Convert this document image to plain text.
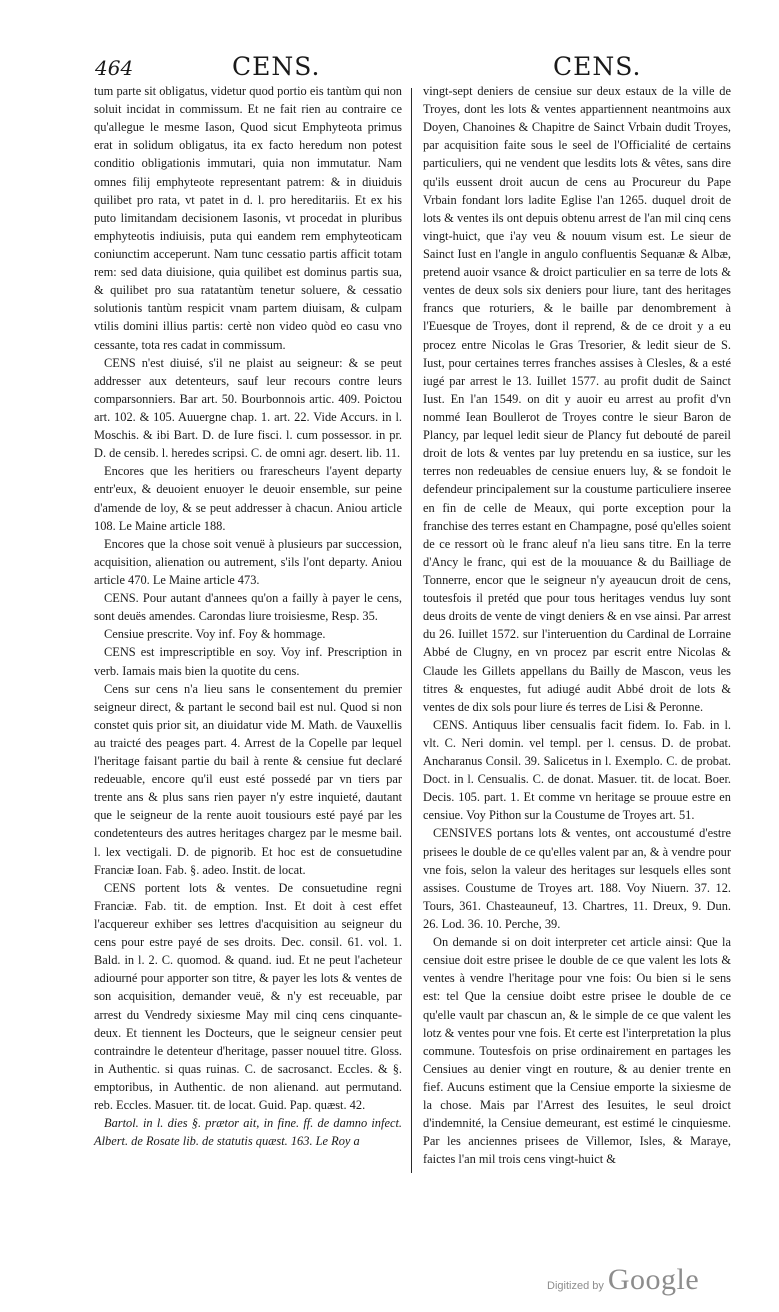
464	CENS.	CENS.

tum parte sit obligatus, videtur quod portio eis tantùm qui non soluit incidat in commissum. Et ne fait rien au contraire ce qu'allegue le mesme Iason, Quod sicut Emphyteota primus erat in solidum obligatus, ita ex facto heredum non potest conditio obligationis immutari, quia non immutatur. Nam omnes filij emphyteote representant patrem: & in diuiduis quilibet pro rata, vt patet in d. l. pro hereditariis. Et ex his puto limitandam decisionem Iasonis, vt procedat in pluribus emphyteotis indiuisis, puta qui eandem rem emphyteoticam coniunctim acceperunt. Nam tunc cessatio partis afficit totam rem: sed data diuisione, quia quilibet est dominus partis sua, & quilibet pro sua ratatantùm tenetur soluere, & cessatio solutionis tantùm respicit vnam partem diuisam, & culpam vtilis domini illius partis: certè non video quòd eo casu vno cessante, tota res cadat in commissum.

CENS n'est diuisé, s'il ne plaist au seigneur: & se peut addresser aux detenteurs, sauf leur recours contre leurs comparsonniers. Bar art. 50. Bourbonnois artic. 409. Poictou art. 102. & 105. Auuergne chap. 1. art. 22. Vide Accurs. in l. Moschis. & ibi Bart. D. de Iure fisci. l. cum possessor. in pr. D. de censib. l. heredes scripsi. C. de omni agr. desert. lib. 11.

Encores que les heritiers ou frarescheurs l'ayent departy entr'eux, & deuoient enuoyer le deuoir ensemble, sur peine d'amende de loy, & se peut addresser à chacun. Aniou article 108. Le Maine article 188.

Encores que la chose soit venuë à plusieurs par succession, acquisition, alienation ou autrement, s'ils l'ont departy. Aniou article 470. Le Maine article 473.

CENS. Pour autant d'annees qu'on a failly à payer le cens, sont deuës amendes. Carondas liure troisiesme, Resp. 35.

Censiue prescrite. Voy inf. Foy & hommage.

CENS est imprescriptible en soy. Voy inf. Prescription in verb. Iamais mais bien la quotite du cens.

Cens sur cens n'a lieu sans le consentement du premier seigneur direct, & partant le second bail est nul. Quod si non constet quis prior sit, an diuidatur vide M. Math. de Vauxellis au traicté des peages part. 4. Arrest de la Copelle par lequel l'heritage faisant partie du bail à rente & censiue fut declaré redeuable, encore qu'il eust esté possedé par vn tiers par trente ans & plus sans rien payer n'y estre inquieté, dautant que le seigneur de la rente auoit tousiours esté payé par les condetenteurs des autres heritages chargez par le mesme bail. l. lex vectigali. D. de pignorib. Et hoc est de consuetudine Franciæ Ioan. Fab. §. adeo. Instit. de locat.

CENS portent lots & ventes. De consuetudine regni Franciæ. Fab. tit. de emption. Inst. Et doit à cest effet l'acquereur exhiber ses lettres d'acquisition au seigneur du cens pour estre payé de ses droits. Dec. consil. 61. vol. 1. Bald. in l. 2. C. quomod. & quand. iud. Et ne peut l'acheteur adiourné pour apporter son titre, & payer les lots & ventes de son acquisition, demander veuë, & n'y est receuable, par arrest du Vendredy sixiesme May mil cinq cens cinquante-deux. Et tiennent les Docteurs, que le seigneur censier peut contraindre le detenteur d'heritage, passer nouuel titre. Gloss. in Authentic. si quas ruinas. C. de sacrosanct. Eccles. & §. emptoribus, in Authentic. de non alienand. aut permutand. reb. Eccles. Masuer. tit. de locat. Guid. Pap. quæst. 42.

Bartol. in l. dies §. prætor ait, in fine. ff. de damno infect. Albert. de Rosate lib. de statutis quæst. 163. Le Roy a

vingt-sept deniers de censiue sur deux estaux de la ville de Troyes, dont les lots & ventes appartiennent neantmoins aux Doyen, Chanoines & Chapitre de Sainct Vrbain dudit Troyes, par acquisition faite sous le seel de l'Officialité de certains particuliers, qui ne vendent que lesdits lots & vêtes, sans dire qu'ils eussent droit aucun de cens au Procureur du Pape Vrbain fondant lors ladite Eglise l'an 1265. duquel droit de lots & ventes ils ont depuis obtenu arrest de l'an mil cinq cens vingt-huict, que i'ay veu & nouum visum est. Le sieur de Sainct Iust en l'angle in angulo confluentis Sequanæ & Albæ, pretend auoir vsance & droict particulier en sa terre de lots & ventes de deux sols six deniers pour liure, tant des heritages francs que roturiers, & le baille par denombrement à l'Euesque de Troyes, dont il reprend, & de ce droit y a eu procez entre Nicolas le Gras Tresorier, & ledit sieur de S. Iust, pour certaines terres franches assises à Clesles, & a esté iugé par arrest le 13. Iuillet 1577. au profit dudit de Sainct Iust. En l'an 1549. on dit y auoir eu arrest au profit d'vn nommé Iean Boullerot de Troyes contre le sieur Baron de Plancy, par lequel ledit sieur de Plancy fut debouté de pareil droit de lots & ventes par luy pretendu en sa iustice, sur les terres non redeuables de censiue enuers luy, & se fondoit le defendeur principalement sur la coustume particuliere inseree en fin de celle de Meaux, qui porte exception pour la franchise des terres estant en Champagne, posé qu'elles soient de ce ressort où le franc aleuf n'a lieu sans titre. En la terre d'Ancy le franc, qui est de la mouuance & du Bailliage de Tonnerre, encor que le seigneur n'y ayeaucun droit de cens, toutesfois il pretéd que pour tous heritages vendus luy sont deus droits de vente de vingt deniers & en vse ainsi. Par arrest du 26. Iuillet 1572. sur l'interuention du Cardinal de Lorraine Abbé de Clugny, en vn procez par escrit entre Nicolas & Claude les Gillets appellans du Bailly de Mascon, veus les titres & enquestes, fut adiugé audit Abbé droit de lots & ventes de dix sols pour liure és terres de Lisi & Peronne.

CENS. Antiquus liber censualis facit fidem. Io. Fab. in l. vlt. C. Neri domin. vel templ. per l. census. D. de probat. Ancharanus Consil. 39. Salicetus in l. Exemplo. C. de probat. Doct. in l. Censualis. C. de donat. Masuer. tit. de locat. Boer. Decis. 105. part. 1. Et comme vn heritage se prouue estre en censiue. Voy Pithon sur la Coustume de Troyes art. 51.

CENSIVES portans lots & ventes, ont accoustumé d'estre prisees le double de ce qu'elles valent par an, & à vendre pour vne fois, selon la valeur des heritages sur lesquels elles sont assises. Coustume de Troyes art. 188. Voy Niuern. 37. 12. Tours, 361. Chasteauneuf, 13. Chartres, 11. Dreux, 9. Dun. 26. Lod. 36. 10. Perche, 39.

On demande si on doit interpreter cet article ainsi: Que la censiue doit estre prisee le double de ce que valent les lots & ventes à vendre l'heritage pour vne fois: Ou bien si le sens est: tel Que la censiue doibt estre prisee le double de ce qu'elle vault par chascun an, & le simple de ce que valent les lotz & ventes pour vne fois. Et certe est l'interpretation la plus commune. Toutesfois on prise ordinairement en partages les Censiues au denier vingt en routure, & au denier trente en fief. Aucuns estiment que la Censiue emporte la sixiesme de la chose. Mais par l'Arrest des Iesuites, le seul droict d'indemnité, la Censiue demeurant, est estimé le cinquiesme. Par les anciennes prisees de Villemor, Isles, & Maraye, faictes l'an mil trois cens vingt-huict &

Digitized by Google
